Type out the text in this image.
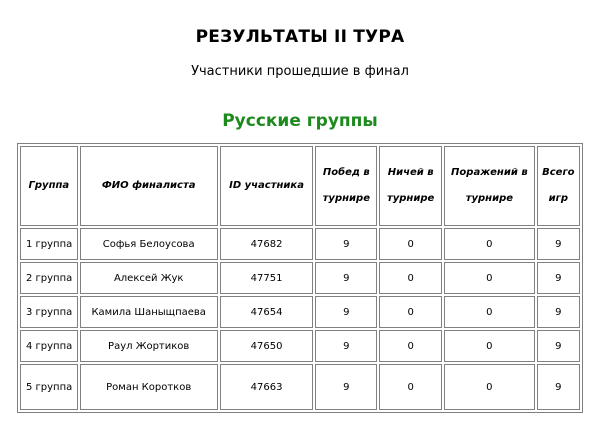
РЕЗУЛЬТАТЫ II ТУРА
Участники прошедшие в финал
Русские группы
Группа	ФИО финалиста	ID участника	Побед в турнире	Ничей в турнире	Поражений в турнире	Всего игр
1 группа	Софья Белоусова	47682	9	0	0	9
2 группа	Алексей Жук	47751	9	0	0	9
3 группа	Камила Шаныщпаева	47654	9	0	0	9
4 группа	Раул Жортиков	47650	9	0	0	9
5 группа	Роман Коротков	47663	9	0	0	9
